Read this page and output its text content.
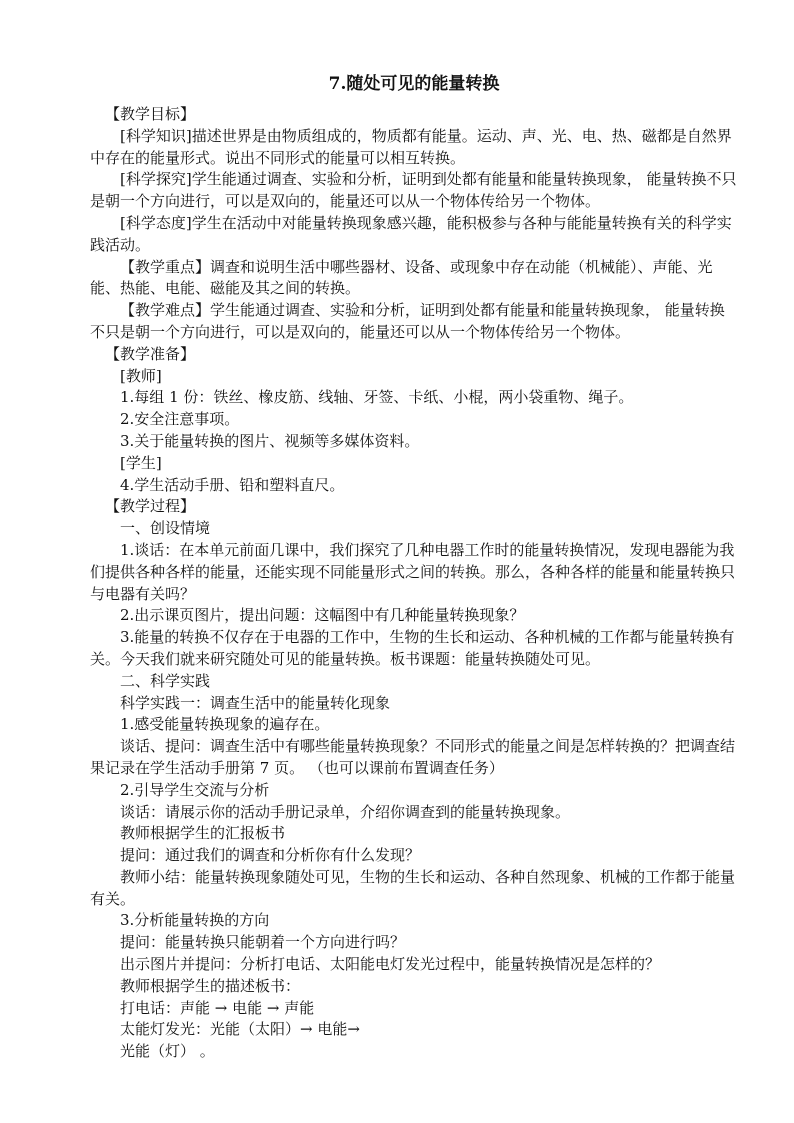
7.随处可见的能量转换

【教学目标】

[科学知识]描述世界是由物质组成的，物质都有能量。运动、声、光、电、热、磁都是自然界中存在的能量形式。说出不同形式的能量可以相互转换。

[科学探究]学生能通过调查、实验和分析，证明到处都有能量和能量转换现象， 能量转换不只是朝一个方向进行，可以是双向的，能量还可以从一个物体传给另一个物体。

[科学态度]学生在活动中对能量转换现象感兴趣，能积极参与各种与能能量转换有关的科学实践活动。

【教学重点】调查和说明生活中哪些器材、设备、或现象中存在动能（机械能）、声能、光能、热能、电能、磁能及其之间的转换。

【教学难点】学生能通过调查、实验和分析，证明到处都有能量和能量转换现象， 能量转换不只是朝一个方向进行，可以是双向的，能量还可以从一个物体传给另一个物体。

【教学准备】

[教师]

1.每组 1 份：铁丝、橡皮筋、线轴、牙签、卡纸、小棍，两小袋重物、绳子。

2.安全注意事项。

3.关于能量转换的图片、视频等多媒体资料。

[学生]

4.学生活动手册、铅和塑料直尺。

【教学过程】

一、创设情境

1.谈话：在本单元前面几课中，我们探究了几种电器工作时的能量转换情况，发现电器能为我们提供各种各样的能量，还能实现不同能量形式之间的转换。那么，各种各样的能量和能量转换只与电器有关吗？

2.出示课页图片，提出问题：这幅图中有几种能量转换现象？

3.能量的转换不仅存在于电器的工作中，生物的生长和运动、各种机械的工作都与能量转换有关。今天我们就来研究随处可见的能量转换。板书课题：能量转换随处可见。

二、科学实践

科学实践一：调查生活中的能量转化现象

1.感受能量转换现象的遍存在。

谈话、提问：调查生活中有哪些能量转换现象？不同形式的能量之间是怎样转换的？把调查结果记录在学生活动手册第 7 页。 （也可以课前布置调查任务）

2.引导学生交流与分析

谈话：请展示你的活动手册记录单，介绍你调查到的能量转换现象。

教师根据学生的汇报板书

提问：通过我们的调查和分析你有什么发现？

教师小结：能量转换现象随处可见，生物的生长和运动、各种自然现象、机械的工作都于能量有关。

3.分析能量转换的方向

提问：能量转换只能朝着一个方向进行吗？

出示图片并提问：分析打电话、太阳能电灯发光过程中，能量转换情况是怎样的？

教师根据学生的描述板书：

打电话：声能 → 电能 → 声能

太能灯发光：光能（太阳）→ 电能→

光能（灯） 。
